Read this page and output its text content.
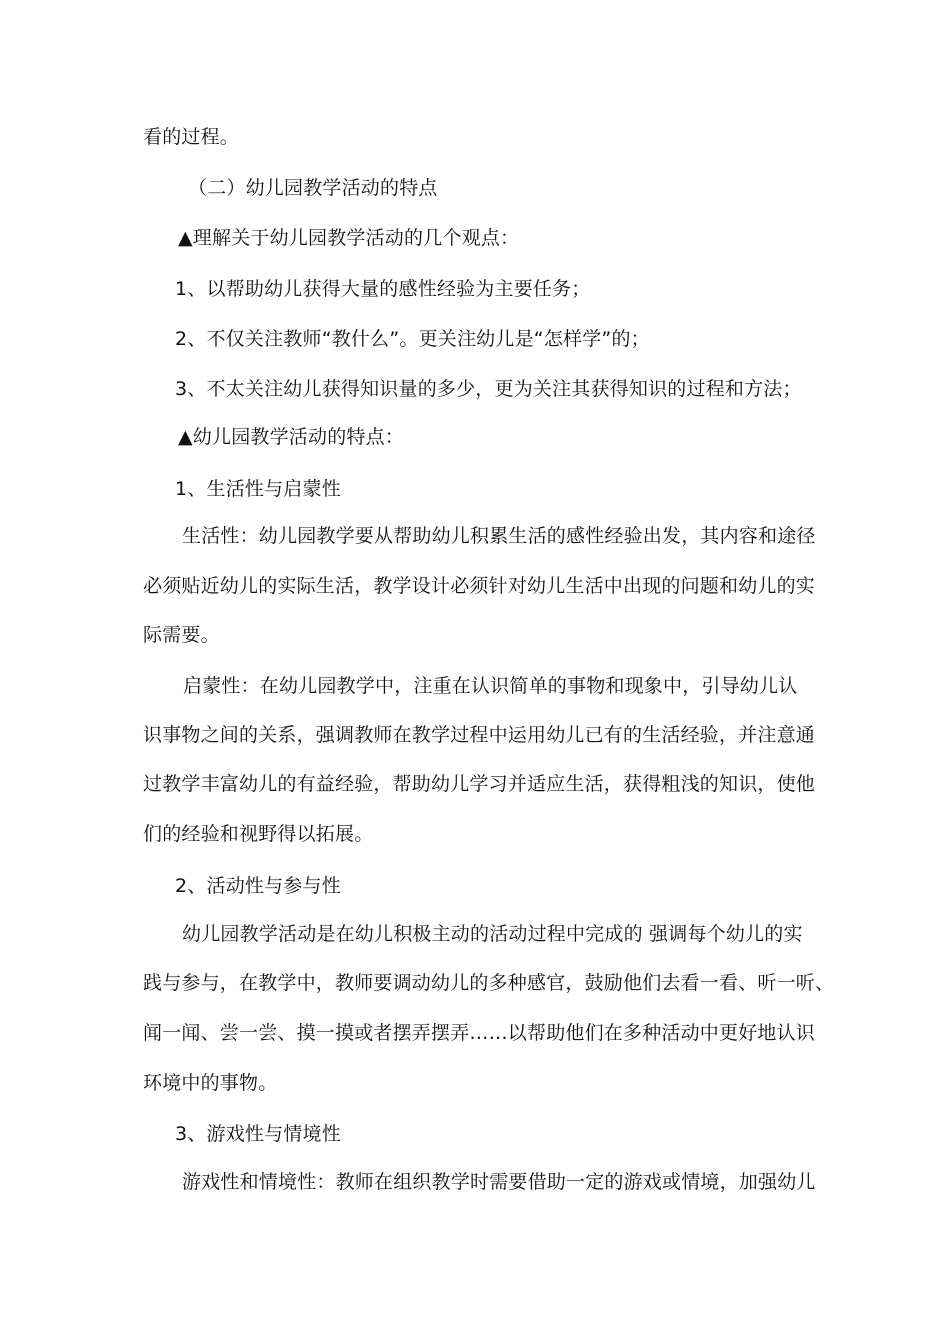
看的过程。
（二）幼儿园教学活动的特点
▲理解关于幼儿园教学活动的几个观点：
1、以帮助幼儿获得大量的感性经验为主要任务；
2、不仅关注教师“教什么”。更关注幼儿是“怎样学”的；
3、不太关注幼儿获得知识量的多少，更为关注其获得知识的过程和方法；
▲幼儿园教学活动的特点：
1、生活性与启蒙性
生活性：幼儿园教学要从帮助幼儿积累生活的感性经验出发，其内容和途径
必须贴近幼儿的实际生活，教学设计必须针对幼儿生活中出现的问题和幼儿的实
际需要。
启蒙性：在幼儿园教学中，注重在认识简单的事物和现象中，引导幼儿认
识事物之间的关系，强调教师在教学过程中运用幼儿已有的生活经验，并注意通
过教学丰富幼儿的有益经验，帮助幼儿学习并适应生活，获得粗浅的知识，使他
们的经验和视野得以拓展。
2、活动性与参与性
幼儿园教学活动是在幼儿积极主动的活动过程中完成的 强调每个幼儿的实
践与参与，在教学中，教师要调动幼儿的多种感官，鼓励他们去看一看、听一听、
闻一闻、尝一尝、摸一摸或者摆弄摆弄……以帮助他们在多种活动中更好地认识
环境中的事物。
3、游戏性与情境性
游戏性和情境性：教师在组织教学时需要借助一定的游戏或情境，加强幼儿
